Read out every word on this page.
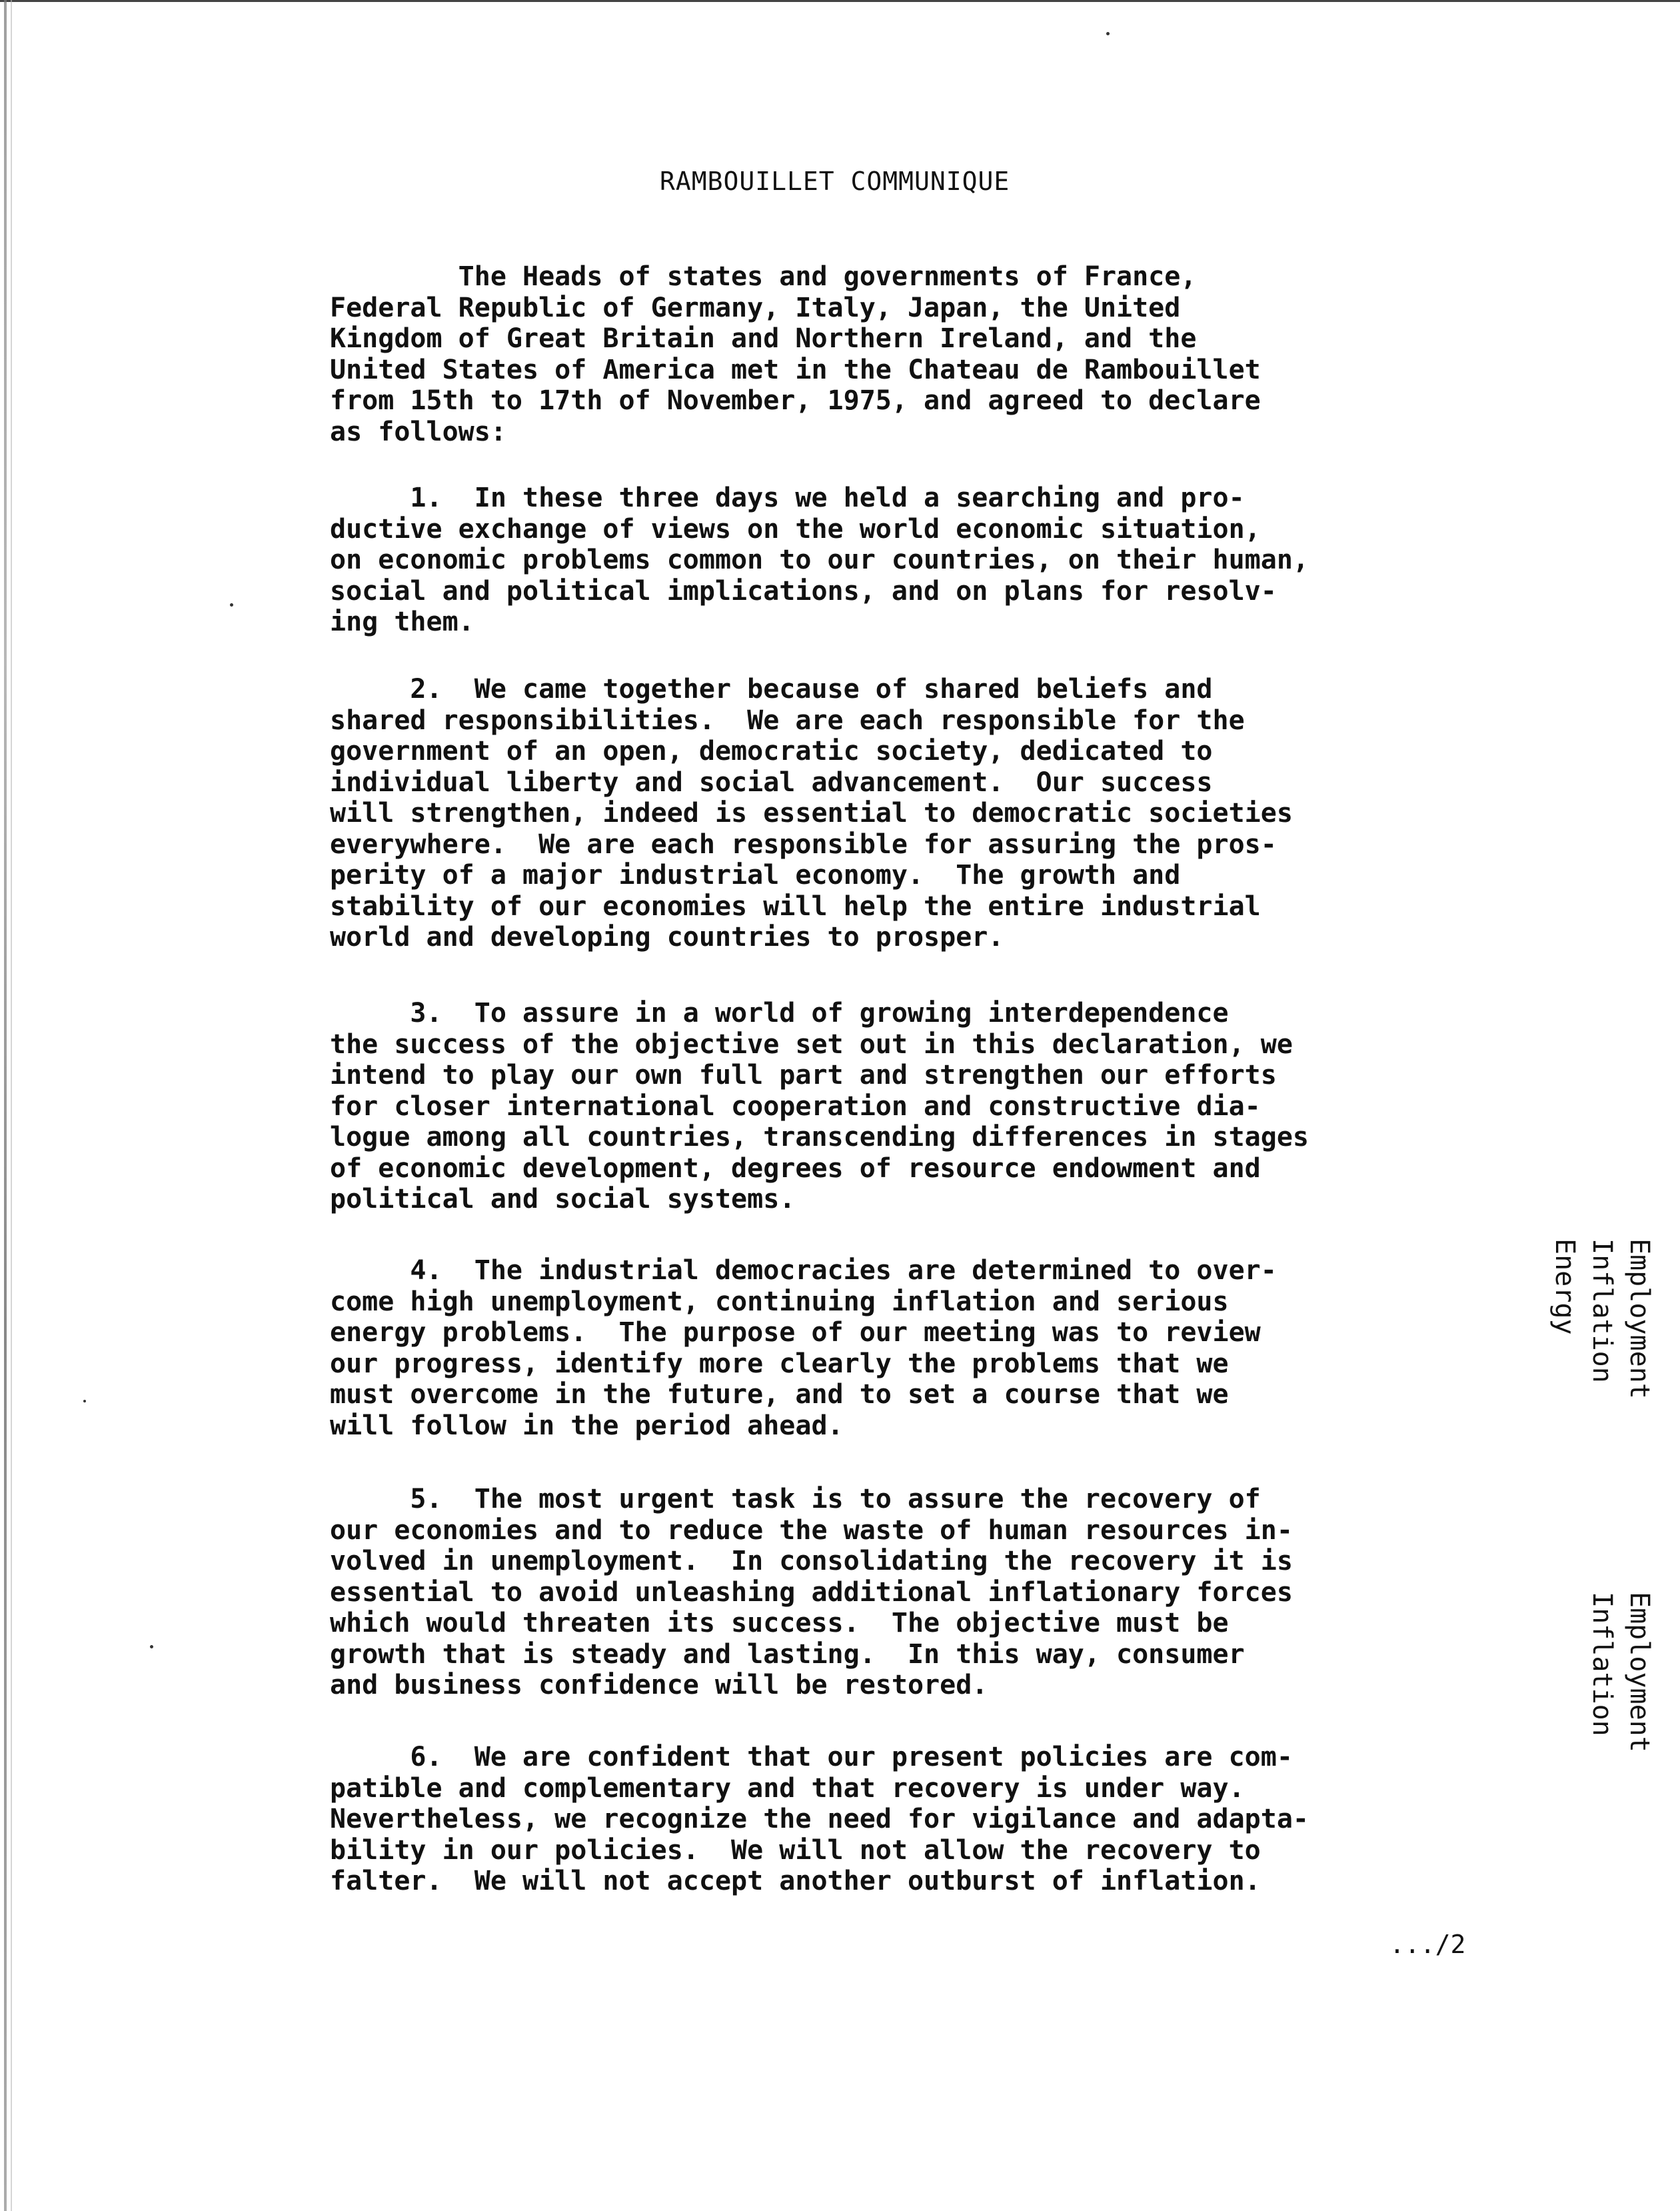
RAMBOUILLET COMMUNIQUE
The Heads of states and governments of France,
Federal Republic of Germany, Italy, Japan, the United
Kingdom of Great Britain and Northern Ireland, and the
United States of America met in the Chateau de Rambouillet
from 15th to 17th of November, 1975, and agreed to declare
as follows:
1.  In these three days we held a searching and pro-
ductive exchange of views on the world economic situation,
on economic problems common to our countries, on their human,
social and political implications, and on plans for resolv-
ing them.
2.  We came together because of shared beliefs and
shared responsibilities.  We are each responsible for the
government of an open, democratic society, dedicated to
individual liberty and social advancement.  Our success
will strengthen, indeed is essential to democratic societies
everywhere.  We are each responsible for assuring the pros-
perity of a major industrial economy.  The growth and
stability of our economies will help the entire industrial
world and developing countries to prosper.
3.  To assure in a world of growing interdependence
the success of the objective set out in this declaration, we
intend to play our own full part and strengthen our efforts
for closer international cooperation and constructive dia-
logue among all countries, transcending differences in stages
of economic development, degrees of resource endowment and
political and social systems.
4.  The industrial democracies are determined to over-
come high unemployment, continuing inflation and serious
energy problems.  The purpose of our meeting was to review
our progress, identify more clearly the problems that we
must overcome in the future, and to set a course that we
will follow in the period ahead.
5.  The most urgent task is to assure the recovery of
our economies and to reduce the waste of human resources in-
volved in unemployment.  In consolidating the recovery it is
essential to avoid unleashing additional inflationary forces
which would threaten its success.  The objective must be
growth that is steady and lasting.  In this way, consumer
and business confidence will be restored.
6.  We are confident that our present policies are com-
patible and complementary and that recovery is under way.
Nevertheless, we recognize the need for vigilance and adapta-
bility in our policies.  We will not allow the recovery to
falter.  We will not accept another outburst of inflation.
.../2
Employment
Inflation
Energy
Employment
Inflation
